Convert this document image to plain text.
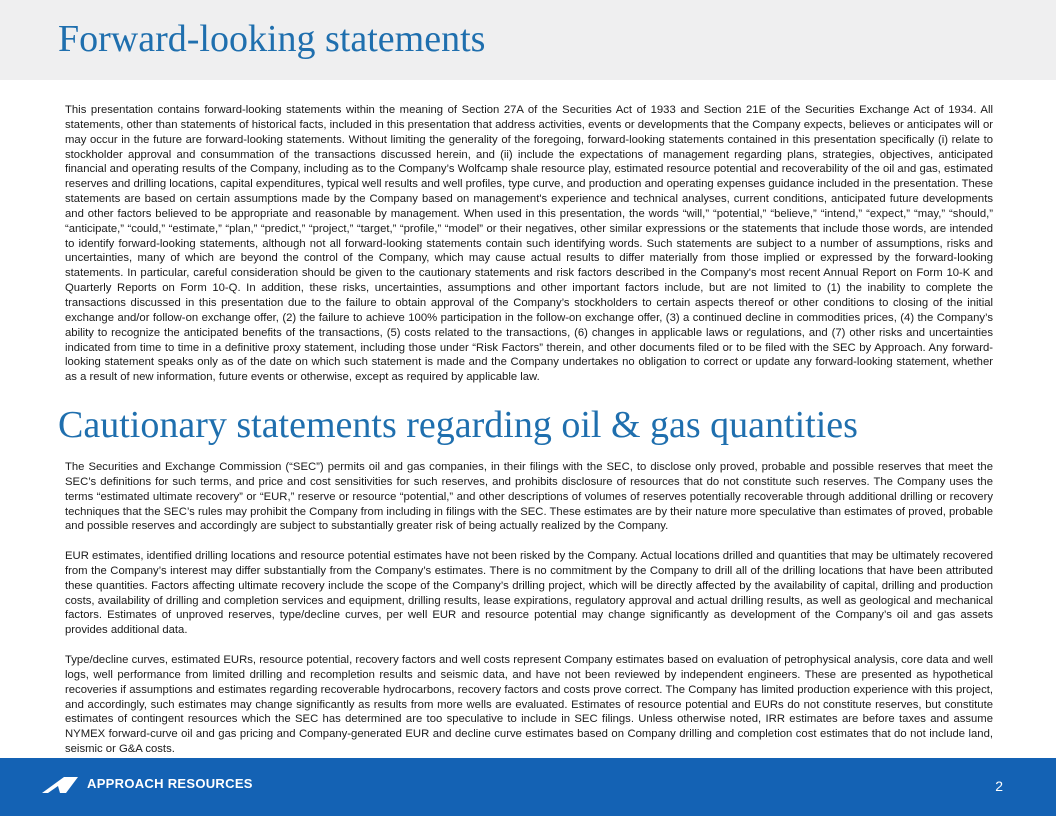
Forward-looking statements

This presentation contains forward-looking statements within the meaning of Section 27A of the Securities Act of 1933 and Section 21E of the Securities Exchange Act of 1934. All statements, other than statements of historical facts, included in this presentation that address activities, events or developments that the Company expects, believes or anticipates will or may occur in the future are forward-looking statements. Without limiting the generality of the foregoing, forward-looking statements contained in this presentation specifically (i) relate to stockholder approval and consummation of the transactions discussed herein, and (ii) include the expectations of management regarding plans, strategies, objectives, anticipated financial and operating results of the Company, including as to the Company’s Wolfcamp shale resource play, estimated resource potential and recoverability of the oil and gas, estimated reserves and drilling locations, capital expenditures, typical well results and well profiles, type curve, and production and operating expenses guidance included in the presentation. These statements are based on certain assumptions made by the Company based on management's experience and technical analyses, current conditions, anticipated future developments and other factors believed to be appropriate and reasonable by management. When used in this presentation, the words “will,” “potential,” “believe,” “intend,” “expect,” “may,” “should,” “anticipate,” “could,” “estimate,” “plan,” “predict,” “project,” “target,” “profile,” “model” or their negatives, other similar expressions or the statements that include those words, are intended to identify forward-looking statements, although not all forward-looking statements contain such identifying words. Such statements are subject to a number of assumptions, risks and uncertainties, many of which are beyond the control of the Company, which may cause actual results to differ materially from those implied or expressed by the forward-looking statements. In particular, careful consideration should be given to the cautionary statements and risk factors described in the Company's most recent Annual Report on Form 10-K and Quarterly Reports on Form 10-Q. In addition, these risks, uncertainties, assumptions and other important factors include, but are not limited to (1) the inability to complete the transactions discussed in this presentation due to the failure to obtain approval of the Company’s stockholders to certain aspects thereof or other conditions to closing of the initial exchange and/or follow-on exchange offer, (2) the failure to achieve 100% participation in the follow-on exchange offer, (3) a continued decline in commodities prices, (4) the Company’s ability to recognize the anticipated benefits of the transactions, (5) costs related to the transactions, (6) changes in applicable laws or regulations, and (7) other risks and uncertainties indicated from time to time in a definitive proxy statement, including those under “Risk Factors” therein, and other documents filed or to be filed with the SEC by Approach. Any forward-looking statement speaks only as of the date on which such statement is made and the Company undertakes no obligation to correct or update any forward-looking statement, whether as a result of new information, future events or otherwise, except as required by applicable law.

Cautionary statements regarding oil & gas quantities

The Securities and Exchange Commission (“SEC”) permits oil and gas companies, in their filings with the SEC, to disclose only proved, probable and possible reserves that meet the SEC’s definitions for such terms, and price and cost sensitivities for such reserves, and prohibits disclosure of resources that do not constitute such reserves. The Company uses the terms “estimated ultimate recovery” or “EUR,” reserve or resource “potential,” and other descriptions of volumes of reserves potentially recoverable through additional drilling or recovery techniques that the SEC’s rules may prohibit the Company from including in filings with the SEC. These estimates are by their nature more speculative than estimates of proved, probable and possible reserves and accordingly are subject to substantially greater risk of being actually realized by the Company.

EUR estimates, identified drilling locations and resource potential estimates have not been risked by the Company. Actual locations drilled and quantities that may be ultimately recovered from the Company’s interest may differ substantially from the Company’s estimates. There is no commitment by the Company to drill all of the drilling locations that have been attributed these quantities. Factors affecting ultimate recovery include the scope of the Company’s drilling project, which will be directly affected by the availability of capital, drilling and production costs, availability of drilling and completion services and equipment, drilling results, lease expirations, regulatory approval and actual drilling results, as well as geological and mechanical factors. Estimates of unproved reserves, type/decline curves, per well EUR and resource potential may change significantly as development of the Company’s oil and gas assets provides additional data.

Type/decline curves, estimated EURs, resource potential, recovery factors and well costs represent Company estimates based on evaluation of petrophysical analysis, core data and well logs, well performance from limited drilling and recompletion results and seismic data, and have not been reviewed by independent engineers. These are presented as hypothetical recoveries if assumptions and estimates regarding recoverable hydrocarbons, recovery factors and costs prove correct. The Company has limited production experience with this project, and accordingly, such estimates may change significantly as results from more wells are evaluated. Estimates of resource potential and EURs do not constitute reserves, but constitute estimates of contingent resources which the SEC has determined are too speculative to include in SEC filings. Unless otherwise noted, IRR estimates are before taxes and assume NYMEX forward-curve oil and gas pricing and Company-generated EUR and decline curve estimates based on Company drilling and completion cost estimates that do not include land, seismic or G&A costs.

APPROACH RESOURCES	2
